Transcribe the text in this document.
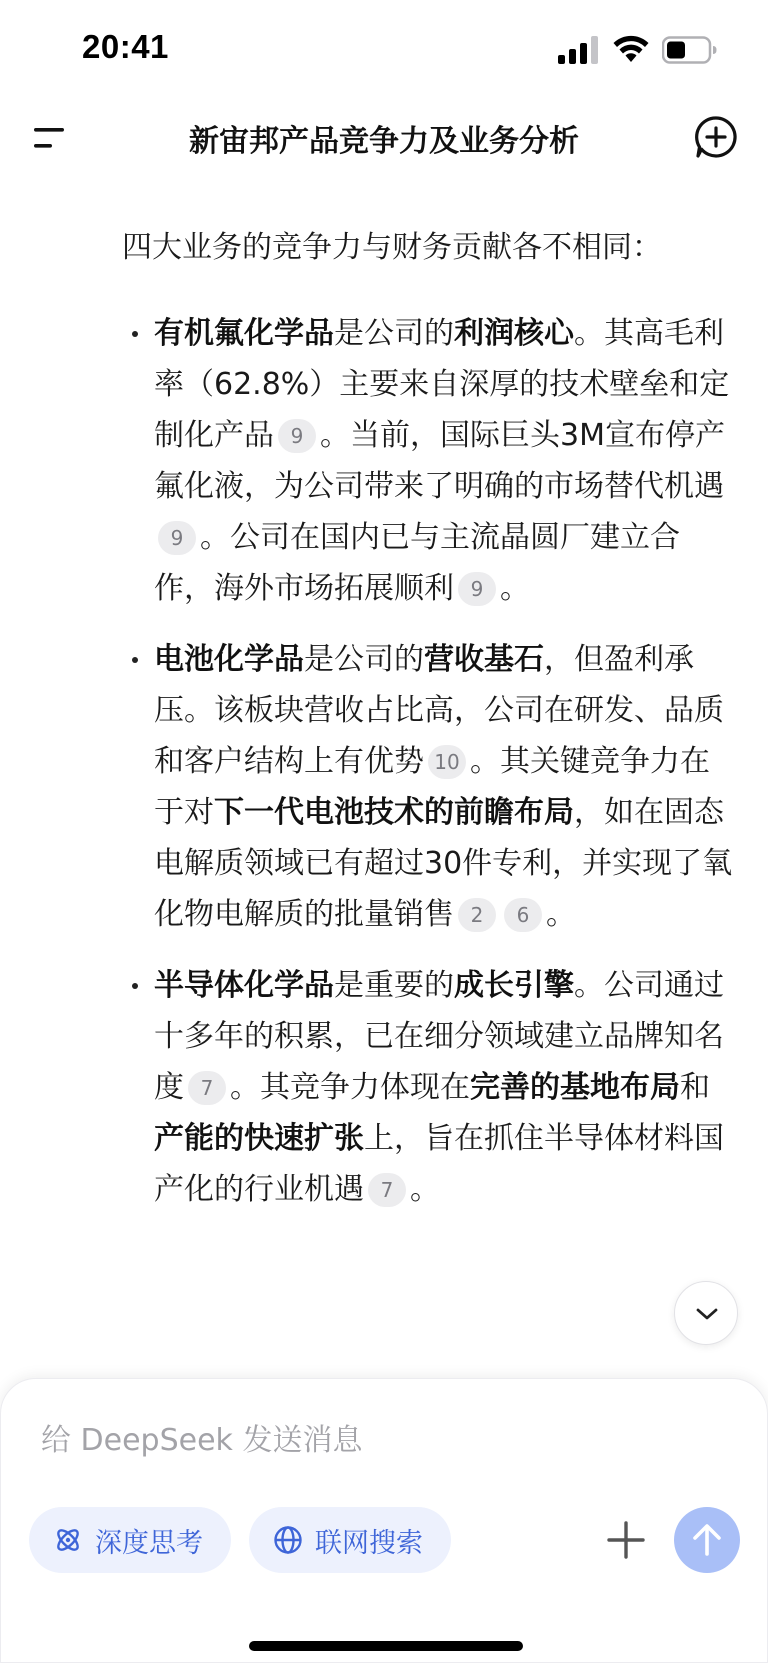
20:41
新宙邦产品竞争力及业务分析
四大业务的竞争力与财务贡献各不相同：
有机氟化学品是公司的利润核心。其高毛利率（62.8%）主要来自深厚的技术壁垒和定制化产品 9 。当前，国际巨头3M宣布停产氟化液，为公司带来了明确的市场替代机遇9 。公司在国内已与主流晶圆厂建立合作，海外市场拓展顺利 9 。
电池化学品是公司的营收基石，但盈利承压。该板块营收占比高，公司在研发、品质和客户结构上有优势 10 。其关键竞争力在于对下一代电池技术的前瞻布局，如在固态电解质领域已有超过30件专利，并实现了氧化物电解质的批量销售 2 6 。
半导体化学品是重要的成长引擎。公司通过十多年的积累，已在细分领域建立品牌知名度 7 。其竞争力体现在完善的基地布局和产能的快速扩张上，旨在抓住半导体材料国产化的行业机遇 7 。
给 DeepSeek 发送消息
深度思考	联网搜索
